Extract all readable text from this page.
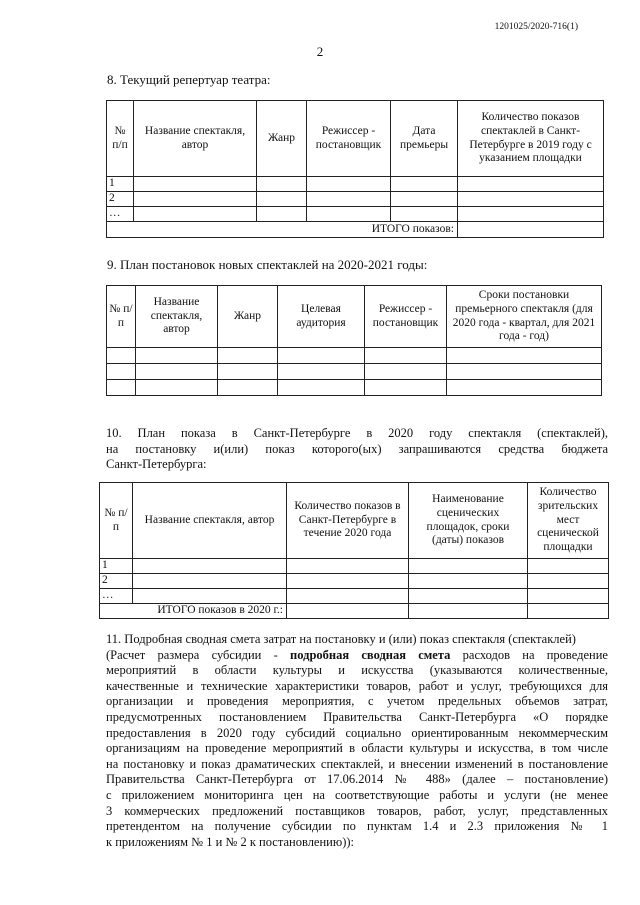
1201025/2020-716(1)
2
8. Текущий репертуар театра:
№ п/п	Название спектакля, автор	Жанр	Режиссер - постановщик	Дата премьеры	Количество показов спектаклей в Санкт- Петербурге в 2019 году с указанием площадки
1					
2					
…					
ИТОГО показов:					
9. План постановок новых спектаклей на 2020-2021 годы:
№ п/п	Название спектакля, автор	Жанр	Целевая аудитория	Режиссер - постановщик	Сроки постановки премьерного спектакля (для 2020 года - квартал, для 2021 года - год)

10. План показа в Санкт-Петербурге в 2020 году спектакля (спектаклей),
на постановку и(или) показ которого(ых) запрашиваются средства бюджета
Санкт-Петербурга:
№ п/п	Название спектакля, автор	Количество показов в Санкт-Петербурге в течение 2020 года	Наименование сценических площадок, сроки (даты) показов	Количество зрительских мест сценической площадки
1				
2				
…				
ИТОГО показов в 2020 г.:				
11. Подробная сводная смета затрат на постановку и (или) показ спектакля (спектаклей)
(Расчет размера субсидии - подробная сводная смета расходов на проведение
мероприятий в области культуры и искусства (указываются количественные,
качественные и технические характеристики товаров, работ и услуг, требующихся для
организации и проведения мероприятия, с учетом предельных объемов затрат,
предусмотренных постановлением Правительства Санкт-Петербурга «О порядке
предоставления в 2020 году субсидий социально ориентированным некоммерческим
организациям на проведение мероприятий в области культуры и искусства, в том числе
на постановку и показ драматических спектаклей, и внесении изменений в постановление
Правительства Санкт-Петербурга от 17.06.2014 № 488» (далее – постановление)
с приложением мониторинга цен на соответствующие работы и услуги (не менее
3 коммерческих предложений поставщиков товаров, работ, услуг, представленных
претендентом на получение субсидии по пунктам 1.4 и 2.3 приложения № 1
к приложениям № 1 и № 2 к постановлению)):
